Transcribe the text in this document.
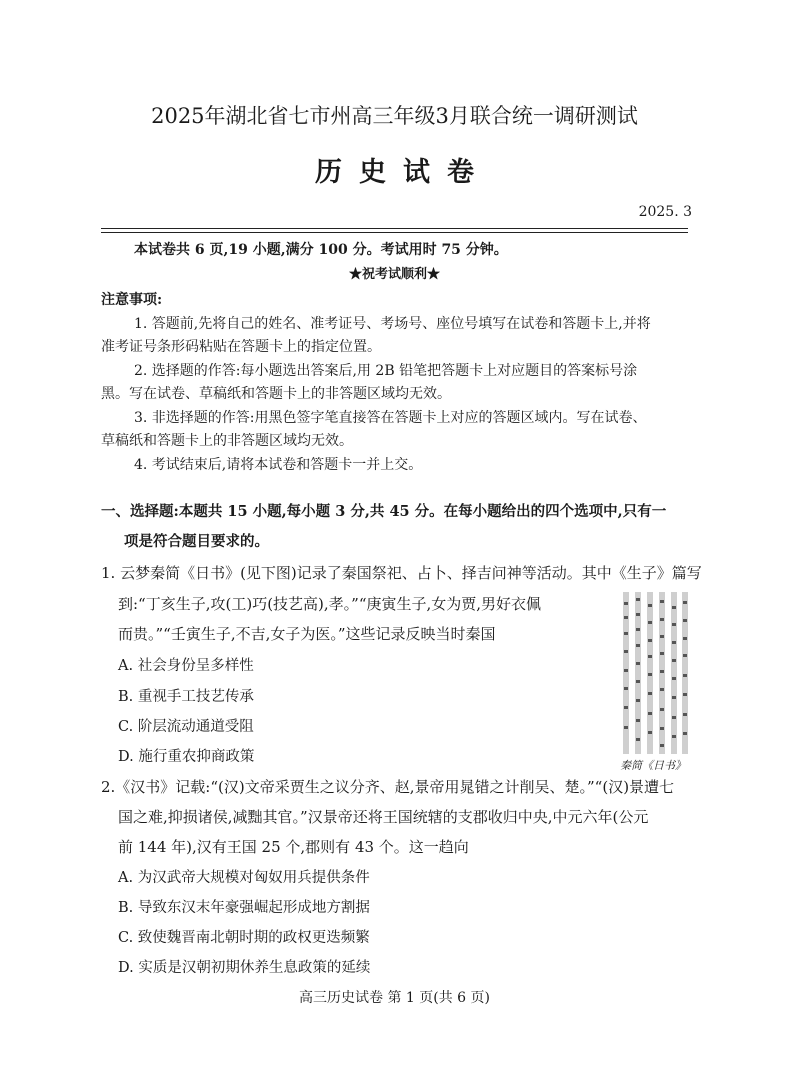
2025年湖北省七市州高三年级3月联合统一调研测试
历史试卷
2025. 3
本试卷共 6 页,19 小题,满分 100 分。考试用时 75 分钟。
★祝考试顺利★
注意事项:
1. 答题前,先将自己的姓名、准考证号、考场号、座位号填写在试卷和答题卡上,并将
准考证号条形码粘贴在答题卡上的指定位置。
2. 选择题的作答:每小题选出答案后,用 2B 铅笔把答题卡上对应题目的答案标号涂
黑。写在试卷、草稿纸和答题卡上的非答题区域均无效。
3. 非选择题的作答:用黑色签字笔直接答在答题卡上对应的答题区域内。写在试卷、
草稿纸和答题卡上的非答题区域均无效。
4. 考试结束后,请将本试卷和答题卡一并上交。
一、选择题:本题共 15 小题,每小题 3 分,共 45 分。在每小题给出的四个选项中,只有一
项是符合题目要求的。
1. 云梦秦简《日书》(见下图)记录了秦国祭祀、占卜、择吉问神等活动。其中《生子》篇写
到:“丁亥生子,攻(工)巧(技艺高),孝。”“庚寅生子,女为贾,男好衣佩
而贵。”“壬寅生子,不吉,女子为医。”这些记录反映当时秦国
A. 社会身份呈多样性
B. 重视手工技艺传承
C. 阶层流动通道受阻
D. 施行重农抑商政策
秦简《日书》
2.《汉书》记载:“(汉)文帝采贾生之议分齐、赵,景帝用晁错之计削吴、楚。”“(汉)景遭七
国之难,抑损诸侯,减黜其官。”汉景帝还将王国统辖的支郡收归中央,中元六年(公元
前 144 年),汉有王国 25 个,郡则有 43 个。这一趋向
A. 为汉武帝大规模对匈奴用兵提供条件
B. 导致东汉末年豪强崛起形成地方割据
C. 致使魏晋南北朝时期的政权更迭频繁
D. 实质是汉朝初期休养生息政策的延续
高三历史试卷 第 1 页(共 6 页)
